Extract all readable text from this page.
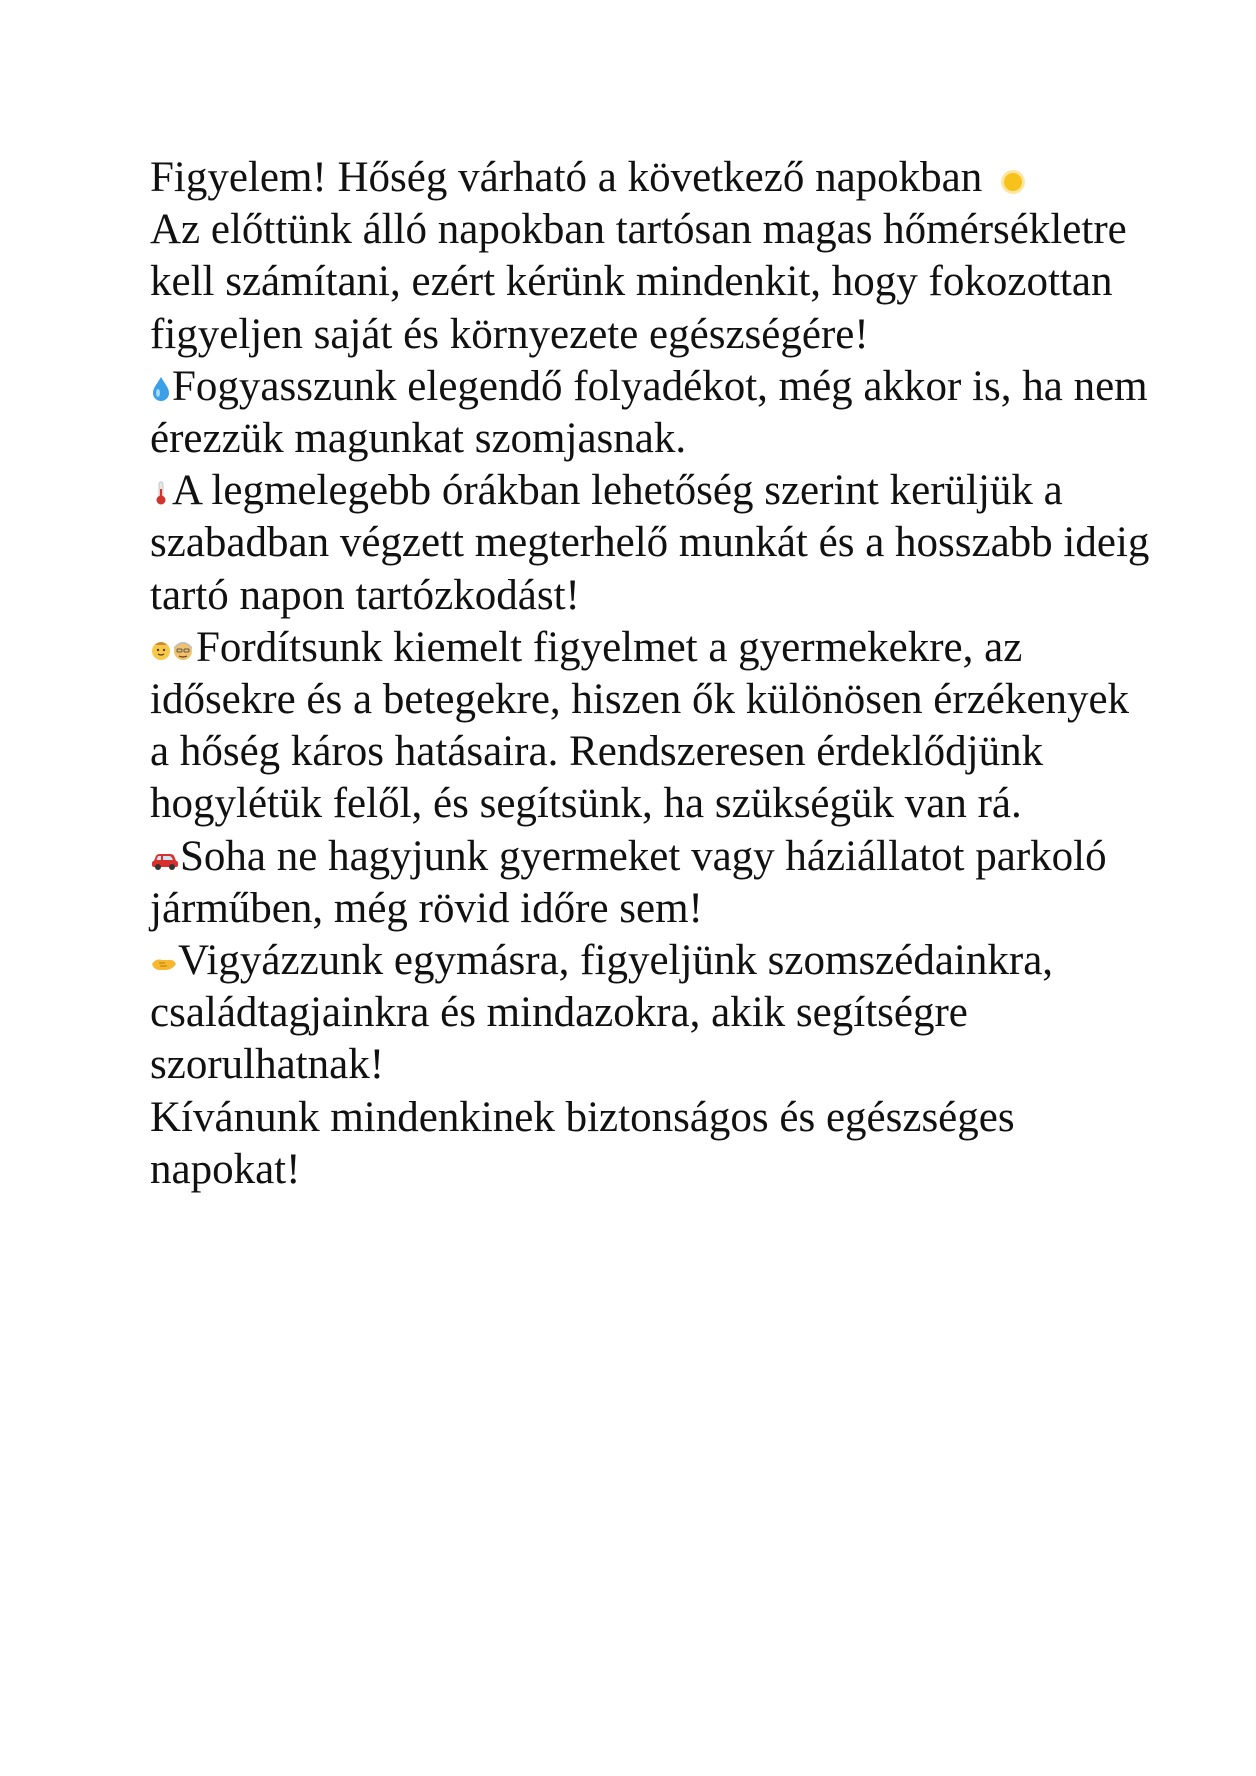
Figyelem! Hőség várható a következő napokban

Az előttünk álló napokban tartósan magas hőmérsékletre kell számítani, ezért kérünk mindenkit, hogy fokozottan figyeljen saját és környezete egészségére!

Fogyasszunk elegendő folyadékot, még akkor is, ha nem érezzük magunkat szomjasnak.

A legmelegebb órákban lehetőség szerint kerüljük a szabadban végzett megterhelő munkát és a hosszabb ideig tartó napon tartózkodást!

Fordítsunk kiemelt figyelmet a gyermekekre, az idősekre és a betegekre, hiszen ők különösen érzékenyek a hőség káros hatásaira. Rendszeresen érdeklődjünk hogylétük felől, és segítsünk, ha szükségük van rá.

Soha ne hagyjunk gyermeket vagy háziállatot parkoló járműben, még rövid időre sem!

Vigyázzunk egymásra, figyeljünk szomszédainkra, családtagjainkra és mindazokra, akik segítségre szorulhatnak!

Kívánunk mindenkinek biztonságos és egészséges napokat!
